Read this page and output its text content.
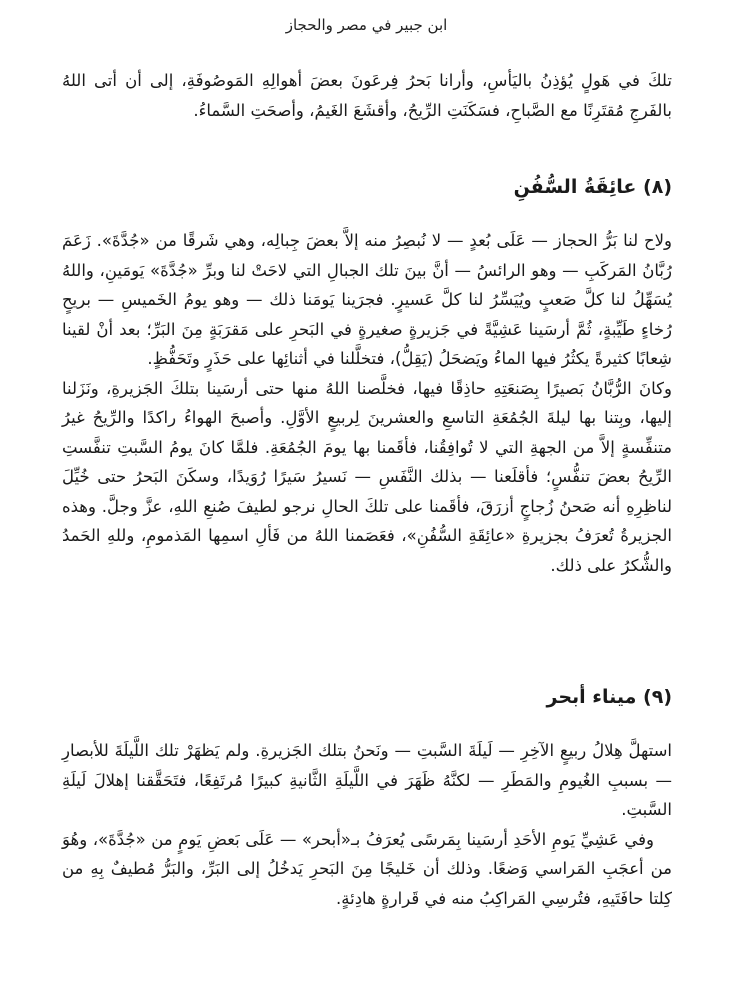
ابن جبير في مصر والحجاز

تلكَ في هَولٍ يُؤذِنُ باليَأسِ، وأرانا بَحرُ فِرعَونَ بعضَ أهوالِهِ المَوصُوفَةِ، إلى أن أتى اللهُ بالفَرجِ مُقتَرِنًا مع الصَّباحِ، فسَكَنَتِ الرِّيحُ، وأقشَعَ الغَيمُ، وأصحَتِ السَّماءُ.

(٨) عائِقَةُ السُّفُنِ

ولاح لنا بَرُّ الحجاز — عَلَى بُعدٍ — لا نُبصِرُ منه إلاَّ بعضَ جِبالِه، وهي شَرقًا من «جُدَّةَ». زَعَمَ رُبَّانُ المَركَبِ — وهو الرائسُ — أنَّ بينَ تلك الجبالِ التي لاحَتْ لنا وبرِّ «جُدَّةَ» يَومَينِ، واللهُ يُسَهِّلُ لنا كلَّ صَعبٍ ويُيَسِّرُ لنا كلَّ عَسيرٍ. فجرَينا يَومَنا ذلك — وهو يومُ الخَميسِ — بريحٍ رُخاءٍ طَيِّبةٍ، ثُمَّ أرسَينا عَشِيَّةً في جَزيرةٍ صغيرةٍ في البَحرِ على مَقرَبَةٍ مِنَ البَرِّ؛ بعد أنْ لقينا شِعابًا كثيرةً يكثُرُ فيها الماءُ ويَضحَلُ (يَقِلُّ)، فتخلَّلنا في أثنائِها على حَذَرٍ وتَحَفُّظٍ.

وكانَ الرُّبَّانُ بَصيرًا بِصَنعَتِهِ حاذِقًا فيها، فخلَّصنا اللهُ منها حتى أرسَينا بتلكَ الجَزيرةِ، ونَزَلنا إليها، وبِتنا بها ليلةَ الجُمُعَةِ التاسعِ والعشرينَ لِربيعٍ الأوَّلِ. وأصبحَ الهواءُ راكدًا والرِّيحُ غيرُ متنفِّسةٍ إلاَّ من الجهةِ التي لا تُوافِقُنا، فأقَمنا بها يومَ الجُمُعَةِ. فلمَّا كانَ يومُ السَّبتِ تنفَّستِ الرِّيحُ بعضَ تنفُّسٍ؛ فأقلَعنا — بذلك النَّفَسِ — نَسيرُ سَيرًا رُوَيدًا، وسكَنَ البَحرُ حتى خُيِّلَ لناظِرِهِ أنه صَحنُ زُجاجٍ أزرَقَ، فأقَمنا على تلكَ الحالِ نرجو لطيفَ صُنعِ اللهِ، عزَّ وجلَّ. وهذه الجزيرةُ تُعرَفُ بجزيرةِ «عائِقَةِ السُّفُنِ»، فعَصَمنا اللهُ من فَألِ اسمِها المَذمومِ، وللهِ الحَمدُ والشُّكرُ على ذلك.

(٩) ميناء أبحر

استهلَّ هِلالُ ربيعٍ الآخِرِ — لَيلَةَ السَّبتِ — ونَحنُ بتلك الجَزيرةِ. ولم يَظهَرْ تلك اللَّيلَةَ للأبصارِ — بسببِ الغُيومِ والمَطَرِ — لكنَّهُ ظَهَرَ في اللَّيلَةِ الثَّانيةِ كبيرًا مُرتَفِعًا، فتَحَقَّقنا إهلالَ لَيلَةِ السَّبتِ.

وفي عَشِيِّ يَومِ الأحَدِ أرسَينا بِمَرسًى يُعرَفُ بـ«أبحر» — عَلَى بَعضِ يَومٍ من «جُدَّةَ»، وهُوَ من أعجَبِ المَراسي وَضعًا. وذلك أن خَليجًا مِنَ البَحرِ يَدخُلُ إلى البَرِّ، والبَرُّ مُطيفٌ بِهِ من كِلتا حافَتَيهِ، فتُرسِي المَراكِبُ منه في قَرارةٍ هادِئةٍ.
